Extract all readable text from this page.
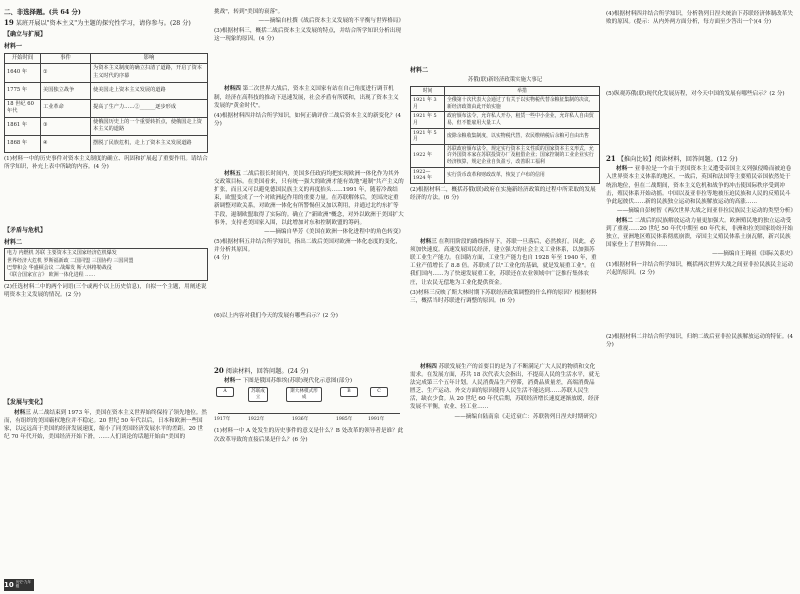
二、非选择题。(共 64 分)
19 某班开展以"资本主义"为主题的探究性学习，请你参与。(28 分)
【确立与扩展】
材料一
开始时间	事件	影响
1640 年	①	为资本主义制度的确立扫清了道路，开启了资本主义时代的序幕
1775 年	美国独立战争	使美国走上资本主义发展的道路
18 世纪 60 年代	工业革命	提高了生产力……②______逐步形成
1861 年	③	使俄国历史上的一个重要转折点，使俄国走上资本主义的道路
1868 年	④	摆脱了民族危机，走上了资本主义发展道路

(1)材料一中的历史事件对资本主义制度的确立、巩固和扩展起了重要作用。请结合所学知识，补充上表中所缺的内容。(4 分)

【矛盾与危机】
材料二
电力 内燃机 苏联 主要资本主义国家经济危机爆发
世界经济大危机 罗斯福新政 二国同盟 三国协约 三国同盟
巴黎和会 华盛顿会议 二战爆发 斯大林格勒战役
《联合国家宣言》 欧洲一体化进程 ……

(2)任选材料二中的两个词语(三个或两个以上历史信息)，自拟一个主题，用阐述说明资本主义发展的情况。(2 分)

【发展与变化】

材料三 从二战结束到 1973 年，美国在资本主义世界始终保持了领先地位。然而，有组织的美国霸权地位并不稳定。20 世纪 50 年代以后，日本和欧洲一些国家，以远远高于美国的经济发展速度，缩小了同美国经济发展水平的差距。20 世纪 70 年代开始，美国经济开始下滑，……人们谈论的话题开始由"美国的

挑战"，转到"美国的衰落"。

——摘编自杜撰《战后资本主义发展的不平衡与世界格局》

(3)根据材料三，概括二战后资本主义发展的特点，并结合所学知识分析出现这一现象的原因。(4 分)

材料四 第二次世界大战后，资本主义国家有站在自己角度进行调节机制，经济在高科技的推动下迅速发展，社会矛盾有所缓和，出现了资本主义发展的"黄金时代"。

(4)根据材料四并结合所学知识，如何正确评价二战后资本主义的新变化？(4 分)

材料五 二战后很长时间内，美国多任政府均把实现欧洲一体化作为其外交政策目标。在美国看来，只有统一强大的欧洲才能有效地"遏制"共产主义的扩张，而且又可以避免德国民族主义的再度抬头……1991 年，随着冷战结束，欧盟变成了一个对欧洲起作用的重要力量。在苏联解体后，美国决定重新调整对欧关系，对欧洲一体化有所警惕但又加以利用，并通过北约东扩等手段，遏制欧盟取得了实际的。确立了"新欧洲"概念，对外以欧洲于美国扩大事务，支持老美国家入围，以此增加对东和控制欧盟的筹码。

——摘编自华芳《美国在欧洲一体化进程中的角色转变》

(5)根据材料五并结合所学知识，指出二战后美国对欧洲一体化态度的变化，并分析其原因。
(4 分)

(6)以上内容对我们今天的发展有哪些启示？(2 分)

20 阅读材料，回答问题。(24 分)

材料一 下图是俄国苏维埃(苏联)现代化示意图(部分)

A	苏联成立
斯大林模式形成
B	C
1917年	1922年	1936年	1985年	1991年

(1)材料一中 A 处发生的历史事件的意义是什么？B 处改革的领导者是谁？此次改革导致的直接后果是什么？(6 分)

材料二
苏俄(联)新经济政策实施大事记
时间	举措
1921 年 3 月	全俄第十次代表大会通过了有关于以实物税代替余粮征集制的决议，新经济政策由此开始实施
1921 年 5 月	政府颁布法令，允许私人开办，租赁一些中小企业，允许私人自由贸易，但不能雇用大量工人
1921 年 5 月	废除余粮收集制度，以实物税代替，农民缴纳税后余粮可自由出售
1922 年	苏联政府颁布法令，规定实行资本主义性质的国家资本主义形式，允许外国资本家在苏联投资办厂及租借企业；国家控制的工业企业实行经济核算，规定企业自负盈亏，改善职工福利
1922—1924 年	实行货币改革和财政改革，恢复了卢布的信用

(2)根据材料二，概括苏俄(联)政府在实施新经济政策的过程中所采取的发展经济的方法。(6 分)

材料三 在利用阶段的路线指导下，苏联一旦落后，必然挨打。因此，必须加快速度。高速发展国民经济，建立强大的社会主义工业体系，以加强苏联工业生产能力。在国防方面，工业生产能力也自 1928 年至 1940 年，重工业产值增长了 8.8 倍。苏联成了以"工业化的基础，就是发展重工业"。在我们国内……为了快速发展重工业，苏联还在农业领域中广泛推行集体农庄，让农民无偿地为工业化提供资金。

(3)材料三反映了斯大林时期下苏联经济政策调整的什么样的原因？根据材料三，概括当时苏联进行调整的原因。(6 分)

材料四 苏联发展生产的首要目的是为了不断满足广大人民的物质和文化需求。在发展方面，苏共 18 次代表大会指出，不提高人民的生活水平，就无法完成第三个五年计划。人民消费品生产停滞，消费品质量差，高端消费品匮乏、生产运动、外交方面的原因使得人民生活不能达到……苏联人民生活，缺衣少食。从 20 世纪 60 年代后期，苏联经济增长速度逐渐放缓，经济发展不平衡，农业、轻工业……

——摘编自陆南泉《走近衰亡：苏联勃列日涅夫时期研究》

(4)根据材料四并结合所学知识，分析勃列日涅夫统治下苏联经济体制改革失败的原因。(提示：从内外两方面分析，每方面至少答出一个)(4 分)

(5)纵观苏俄(联)现代化发展历程，对今天中国的发展有哪些启示？(2 分)

21 【推向比较】阅读材料，回答问题。(12 分)

材料一 亚非拉是一个由于美国资本主义遭受帝国主义列强侵略而被迫卷入世界资本主义体系的地区，一战后，英国和法国等主要殖民帝国依然处于统治地位，但在二战期间，资本主义危机和战争的冲击使国际秩序受到冲击，殖民体系开始动摇。中国以及亚非拉等地被压迫民族和人民的反殖民斗争此起彼伏……新的民族独立运动和民族解放运动的高涨……

——摘编自彭树智《两次世界大战之间亚非拉民族民主运动的类型分析》

材料二 二战后的民族解放运动力量更加强大。欧洲殖民地的独立运动受到了重视……20 世纪 50 年代中期至 60 年代末，非洲和拉美国家纷纷开始独立，亚洲地区殖民体系彻底崩溃，帝国主义殖民体系土崩瓦解，新兴民族国家登上了世界舞台……

——摘编自王绳祖《国际关系史》

(1)根据材料一并结合所学知识，概括两次世界大战之间亚非拉民族民主运动兴起的原因。(2 分)

(2)根据材料二并结合所学知识，归纳二战后亚非拉民族解放运动的特征。(4 分)

10 历史·九年级
